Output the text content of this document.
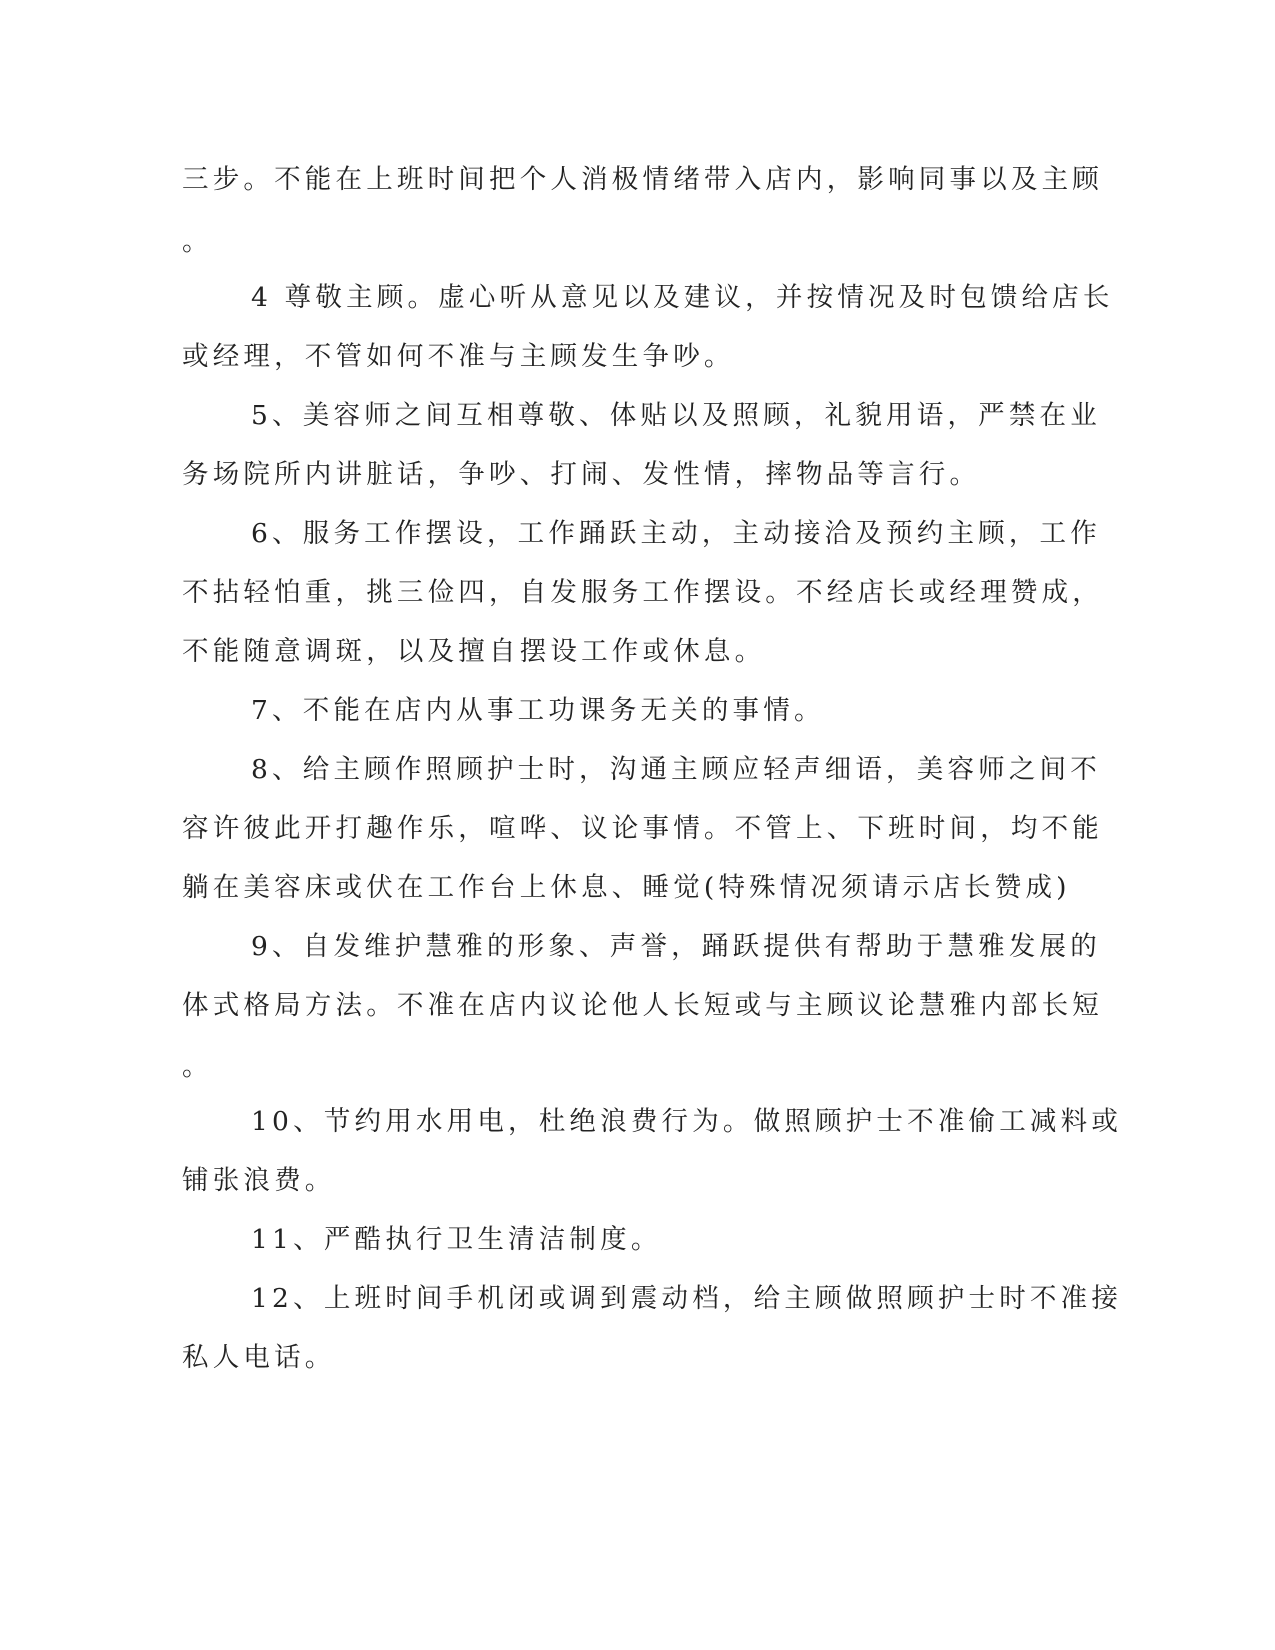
三步。不能在上班时间把个人消极情绪带入店内，影响同事以及主顾
。
4 尊敬主顾。虚心听从意见以及建议，并按情况及时包馈给店长
或经理，不管如何不准与主顾发生争吵。
5、美容师之间互相尊敬、体贴以及照顾，礼貌用语，严禁在业
务场院所内讲脏话，争吵、打闹、发性情，摔物品等言行。
6、服务工作摆设，工作踊跃主动，主动接洽及预约主顾，工作
不拈轻怕重，挑三俭四，自发服务工作摆设。不经店长或经理赞成，
不能随意调斑，以及擅自摆设工作或休息。
7、不能在店内从事工功课务无关的事情。
8、给主顾作照顾护士时，沟通主顾应轻声细语，美容师之间不
容许彼此开打趣作乐，喧哗、议论事情。不管上、下班时间，均不能
躺在美容床或伏在工作台上休息、睡觉(特殊情况须请示店长赞成)
9、自发维护慧雅的形象、声誉，踊跃提供有帮助于慧雅发展的
体式格局方法。不准在店内议论他人长短或与主顾议论慧雅内部长短
。
10、节约用水用电，杜绝浪费行为。做照顾护士不准偷工减料或
铺张浪费。
11、严酷执行卫生清洁制度。
12、上班时间手机闭或调到震动档，给主顾做照顾护士时不准接
私人电话。
